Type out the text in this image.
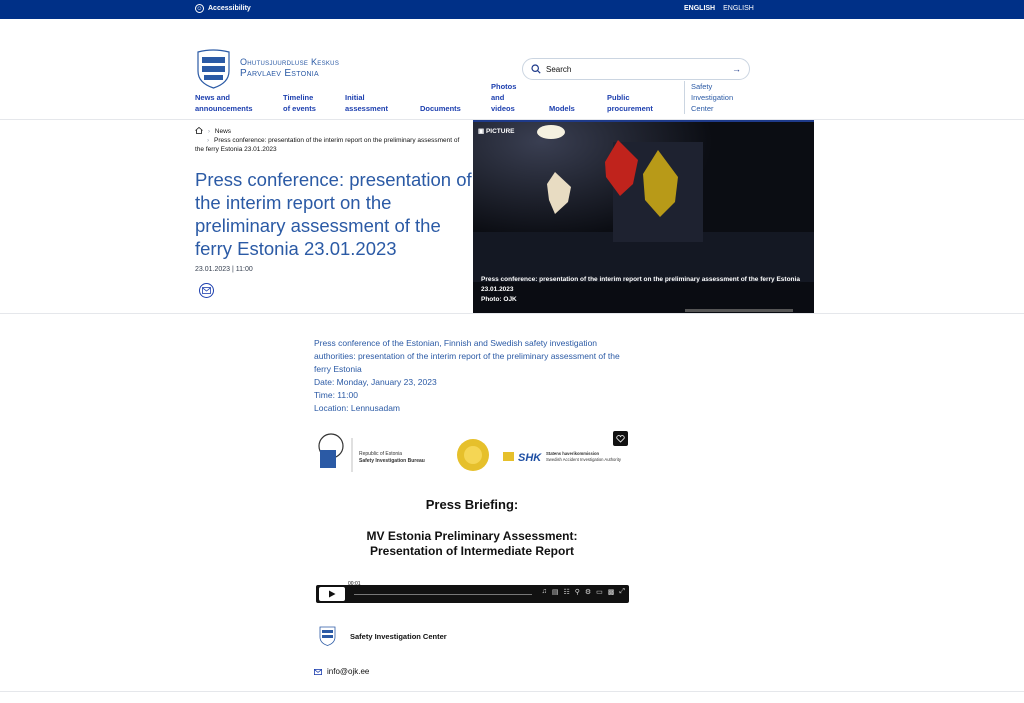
☺ Accessibility	ENGLISH ENGLISH
Ohutusjuurdluse Keskus
Parvlaev Estonia	Search	→
News and announcements
Timeline of events
Initial assessment	Documents
Photos and videos	Models
Public procurement
Safety Investigation Center
› News
› Press conference: presentation of the interim report on the preliminary assessment of the ferry Estonia 23.01.2023
Press conference: presentation of the interim report on the preliminary assessment of the ferry Estonia 23.01.2023
23.01.2023 | 11:00
▣ PICTURE
Press conference: presentation of the interim report on the preliminary assessment of the ferry Estonia
23.01.2023
Photo: OJK
Press conference of the Estonian, Finnish and Swedish safety investigation authorities: presentation of the interim report of the preliminary assessment of the ferry Estonia
Date: Monday, January 23, 2023
Time: 11:00
Location: Lennusadam
SHK
Republic of Estonia
Safety Investigation Bureau
Statens haverikommission
Swedish Accident Investigation Authority
Press Briefing:
MV Estonia Preliminary Assessment:
Presentation of Intermediate Report
00:01
♫ ▤ ☷ ⚲ ⚙ ▭ ▩ ⤢
Safety Investigation Center
info@ojk.ee
